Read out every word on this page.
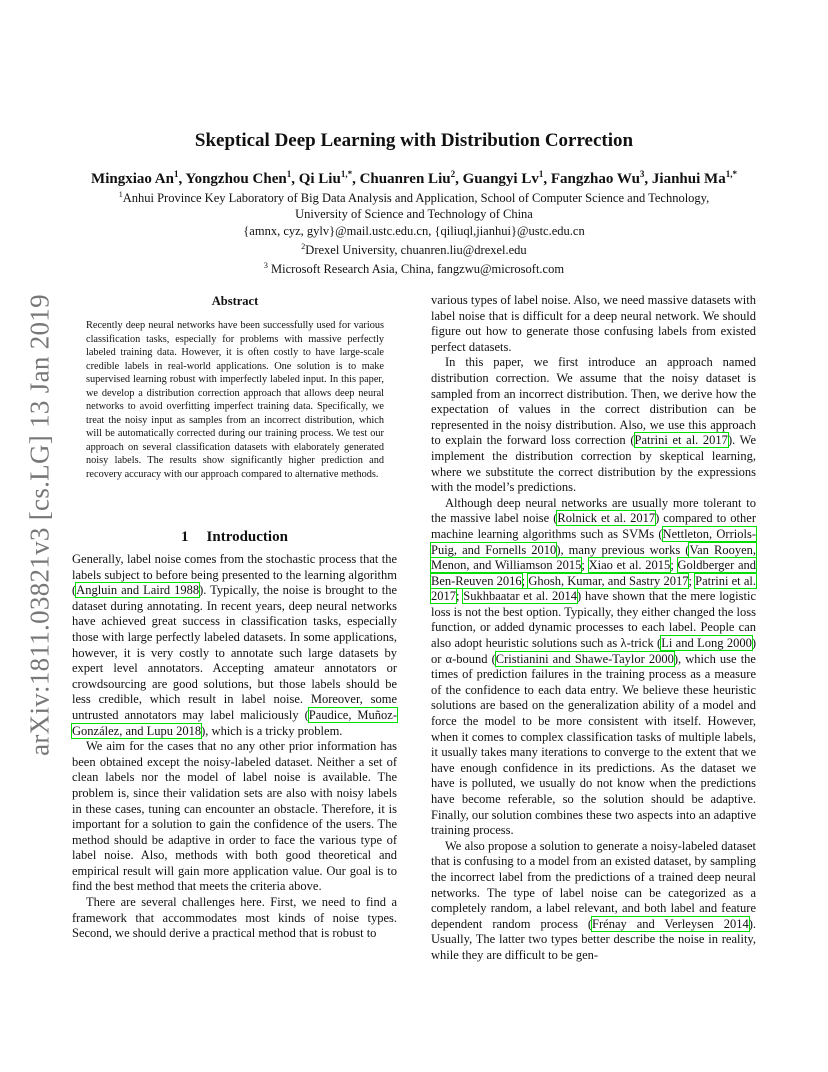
arXiv:1811.03821v3 [cs.LG] 13 Jan 2019
Skeptical Deep Learning with Distribution Correction
Mingxiao An$^1$, Yongzhou Chen$^1$, Qi Liu$^{1,*}$, Chuanren Liu$^2$, Guangyi Lv$^1$, Fangzhao Wu$^3$, Jianhui $Ma^{1,*}$
$^1$Anhui Province Key Laboratory of Big Data Analysis and Application, School of Computer Science and Technology,
University of Science and Technology of China
{amnx, cyz, gylv}@mail.ustc.edu.cn, {qiliuql,jianhui}@ustc.edu.cn
$^2$Drexel University, chuanren.liu@drexel.edu
$^3$ Microsoft Research Asia, China, fangzwu@microsoft.com
Abstract
Recently deep neural networks have been successfully used for various classification tasks, especially for problems with massive perfectly labeled training data. However, it is often costly to have large-scale credible labels in real-world applications. One solution is to make supervised learning robust with imperfectly labeled input. In this paper, we develop a distribution correction approach that allows deep neural networks to avoid overfitting imperfect training data. Specifically, we treat the noisy input as samples from an incorrect distribution, which will be automatically corrected during our training process. We test our approach on several classification datasets with elaborately generated noisy labels. The results show significantly higher prediction and recovery accuracy with our approach compared to alternative methods.
1 Introduction

Generally, label noise comes from the stochastic process that the labels subject to before being presented to the learning algorithm (Angluin and Laird 1988). Typically, the noise is brought to the dataset during annotating. In recent years, deep neural networks have achieved great success in classification tasks, especially those with large perfectly labeled datasets. In some applications, however, it is very costly to annotate such large datasets by expert level annotators. Accepting amateur annotators or crowdsourcing are good solutions, but those labels should be less credible, which result in label noise. Moreover, some untrusted annotators may label maliciously (Paudice, Muñoz-González, and Lupu 2018), which is a tricky problem.

We aim for the cases that no any other prior information has been obtained except the noisy-labeled dataset. Neither a set of clean labels nor the model of label noise is available. The problem is, since their validation sets are also with noisy labels in these cases, tuning can encounter an obstacle. Therefore, it is important for a solution to gain the confidence of the users. The method should be adaptive in order to face the various type of label noise. Also, methods with both good theoretical and empirical result will gain more application value. Our goal is to find the best method that meets the criteria above.

There are several challenges here. First, we need to find a framework that accommodates most kinds of noise types. Second, we should derive a practical method that is robust to

various types of label noise. Also, we need massive datasets with label noise that is difficult for a deep neural network. We should figure out how to generate those confusing labels from existed perfect datasets.

In this paper, we first introduce an approach named distribution correction. We assume that the noisy dataset is sampled from an incorrect distribution. Then, we derive how the expectation of values in the correct distribution can be represented in the noisy distribution. Also, we use this approach to explain the forward loss correction (Patrini et al. 2017). We implement the distribution correction by skeptical learning, where we substitute the correct distribution by the expressions with the model’s predictions.

Although deep neural networks are usually more tolerant to the massive label noise (Rolnick et al. 2017) compared to other machine learning algorithms such as SVMs (Nettleton, Orriols-Puig, and Fornells 2010), many previous works (Van Rooyen, Menon, and Williamson 2015; Xiao et al. 2015; Goldberger and Ben-Reuven 2016; Ghosh, Kumar, and Sastry 2017; Patrini et al. 2017; Sukhbaatar et al. 2014) have shown that the mere logistic loss is not the best option. Typically, they either changed the loss function, or added dynamic processes to each label. People can also adopt heuristic solutions such as λ-trick (Li and Long 2000) or α-bound (Cristianini and Shawe-Taylor 2000), which use the times of prediction failures in the training process as a measure of the confidence to each data entry. We believe these heuristic solutions are based on the generalization ability of a model and force the model to be more consistent with itself. However, when it comes to complex classification tasks of multiple labels, it usually takes many iterations to converge to the extent that we have enough confidence in its predictions. As the dataset we have is polluted, we usually do not know when the predictions have become referable, so the solution should be adaptive. Finally, our solution combines these two aspects into an adaptive training process.

We also propose a solution to generate a noisy-labeled dataset that is confusing to a model from an existed dataset, by sampling the incorrect label from the predictions of a trained deep neural networks. The type of label noise can be categorized as a completely random, a label relevant, and both label and feature dependent random process (Frénay and Verleysen 2014). Usually, The latter two types better describe the noise in reality, while they are difficult to be gen-
